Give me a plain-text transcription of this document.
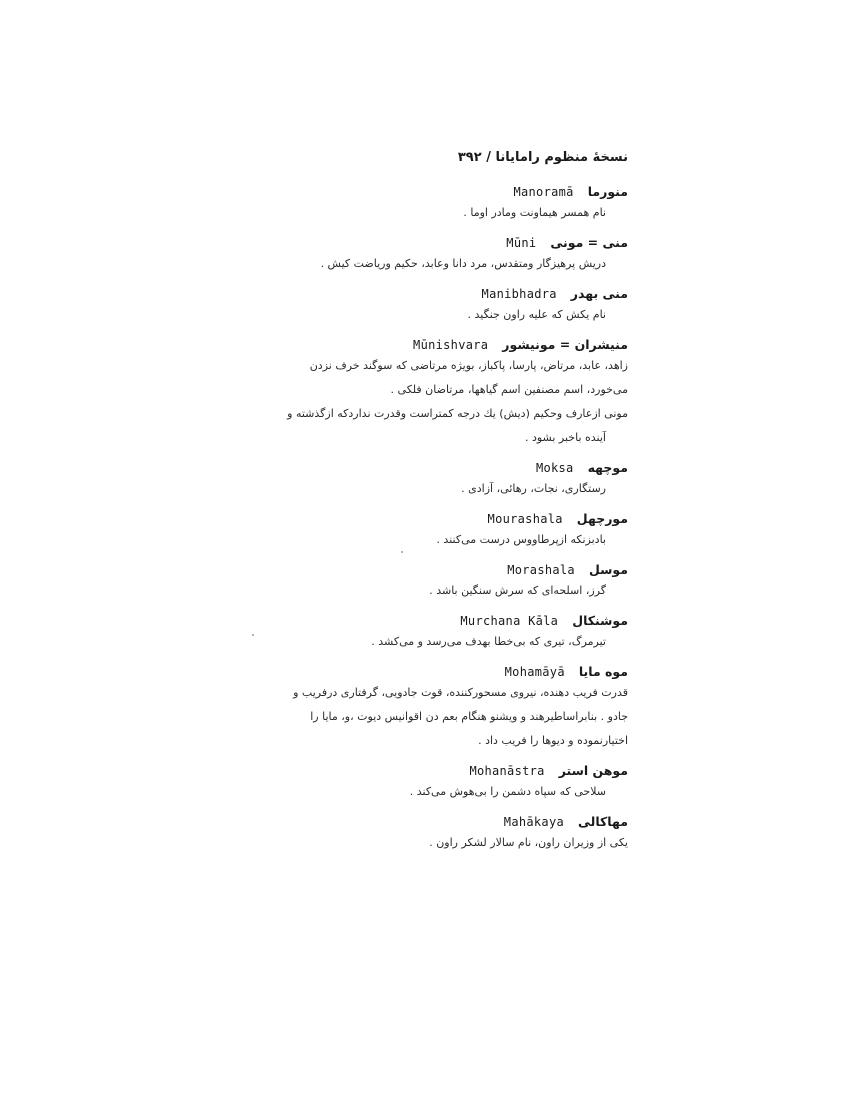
نسخهٔ منظوم رامایانا / ۳۹۲
منورماManoramā

نام همسر هیماونت ومادر اوما .

منی = مونیMūni

دریش پرهیزگار ومتقدس، مرد دانا وعابد، حکیم وریاضت کیش .

منی بهدرManibhadra

نام یکش که علیه راون جنگید .

منیشران = مونیشورMūnishvara

زاهد، عابد، مرتاض، پارسا، پاکباز، بویژه مرتاضی که سوگند خرف نزدن

می‌خورد، اسم مصنفین اسم گیاهها، مرتاضان فلکی .

مونی ازعارف وحکیم (دیش) یك درجه کمتراست وقدرت نداردکه ازگذشته و

آینده باخبر بشود .

موچههMoksa

رستگاری، نجات، رهائی، آزادی .

مورچهلMourashala

بادبزنکه ازپرطاووس درست می‌کنند .

موسلMorashala

گرز، اسلحه‌ای که سرش سنگین باشد .

موشنکالMurchana Kāla

تیرمرگ، تیری که بی‌خطا بهدف می‌رسد و می‌کشد .

موه مایاMohamāyā

قدرت فریب دهنده، نیروی مسحورکننده، قوت جادویی، گرفتاری درفریب و

جادو . بنابراساطیرهند و ویشنو هنگام بعم دن اقوانیس دیوت ،و، مایا را

اختیارنموده و دیوها را فریب داد .

موهن استرMohanāstra

سلاحی که سپاه دشمن را بی‌هوش می‌کند .

مهاکالیMahākaya

یکی از وزیران راون، نام سالار لشکر راون .
